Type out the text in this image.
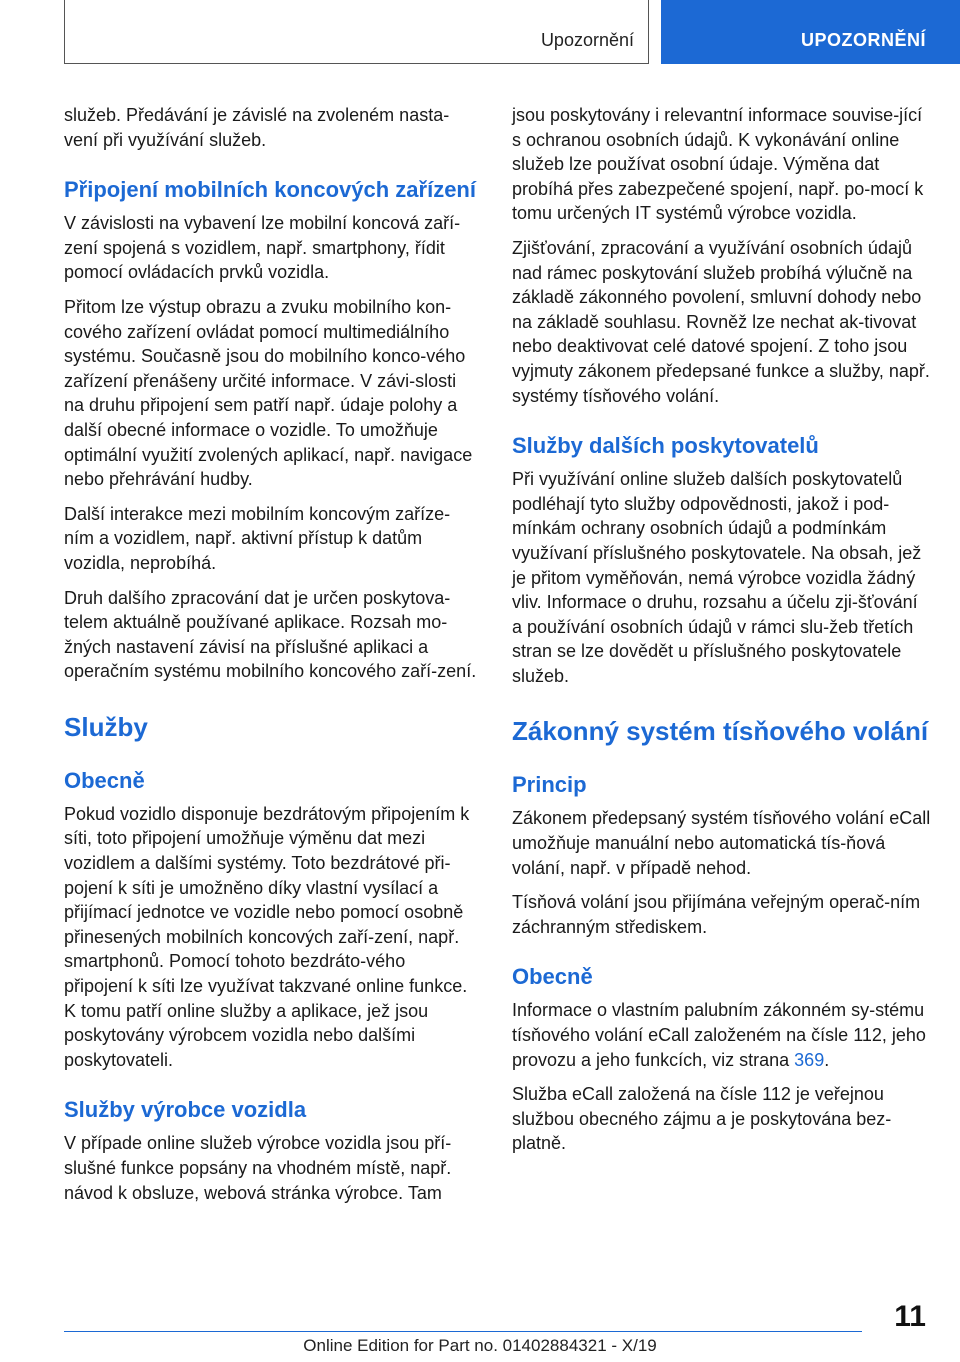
Upozornění	UPOZORNĚNÍ

služeb. Předávání je závislé na zvoleném nasta‐vení při využívání služeb.

Připojení mobilních koncových zařízení

V závislosti na vybavení lze mobilní koncová zaří‐zení spojená s vozidlem, např. smartphony, řídit pomocí ovládacích prvků vozidla.

Přitom lze výstup obrazu a zvuku mobilního kon‐cového zařízení ovládat pomocí multimediálního systému. Současně jsou do mobilního konco‐vého zařízení přenášeny určité informace. V závi‐slosti na druhu připojení sem patří např. údaje polohy a další obecné informace o vozidle. To umožňuje optimální využití zvolených aplikací, např. navigace nebo přehrávání hudby.

Další interakce mezi mobilním koncovým zaříze‐ním a vozidlem, např. aktivní přístup k datům vozidla, neprobíhá.

Druh dalšího zpracování dat je určen poskytova‐telem aktuálně používané aplikace. Rozsah mo‐žných nastavení závisí na příslušné aplikaci a operačním systému mobilního koncového zaří‐zení.

Služby
Obecně

Pokud vozidlo disponuje bezdrátovým připojením k síti, toto připojení umožňuje výměnu dat mezi vozidlem a dalšími systémy. Toto bezdrátové při‐pojení k síti je umožněno díky vlastní vysílací a přijímací jednotce ve vozidle nebo pomocí osobně přinesených mobilních koncových zaří‐zení, např. smartphonů. Pomocí tohoto bezdráto‐vého připojení k síti lze využívat takzvané online funkce. K tomu patří online služby a aplikace, jež jsou poskytovány výrobcem vozidla nebo dalšími poskytovateli.

Služby výrobce vozidla

V případe online služeb výrobce vozidla jsou pří‐slušné funkce popsány na vhodném místě, např. návod k obsluze, webová stránka výrobce. Tam

jsou poskytovány i relevantní informace souvise‐jící s ochranou osobních údajů. K vykonávání online služeb lze používat osobní údaje. Výměna dat probíhá přes zabezpečené spojení, např. po‐mocí k tomu určených IT systémů výrobce vozidla.

Zjišťování, zpracování a využívání osobních údajů nad rámec poskytování služeb probíhá výlučně na základě zákonného povolení, smluvní dohody nebo na základě souhlasu. Rovněž lze nechat ak‐tivovat nebo deaktivovat celé datové spojení. Z toho jsou vyjmuty zákonem předepsané funkce a služby, např. systémy tísňového volání.

Služby dalších poskytovatelů

Při využívání online služeb dalších poskytovatelů podléhají tyto služby odpovědnosti, jakož i pod‐mínkám ochrany osobních údajů a podmínkám využívaní příslušného poskytovatele. Na obsah, jež je přitom vyměňován, nemá výrobce vozidla žádný vliv. Informace o druhu, rozsahu a účelu zji‐šťování a používání osobních údajů v rámci slu‐žeb třetích stran se lze dovědět u příslušného poskytovatele služeb.

Zákonný systém tísňového volání
Princip

Zákonem předepsaný systém tísňového volání eCall umožňuje manuální nebo automatická tís‐ňová volání, např. v případě nehod.

Tísňová volání jsou přijímána veřejným operač‐ním záchranným střediskem.

Obecně

Informace o vlastním palubním zákonném sy‐stému tísňového volání eCall založeném na čísle 112, jeho provozu a jeho funkcích, viz strana 369.

Služba eCall založená na čísle 112 je veřejnou službou obecného zájmu a je poskytována bez‐platně.

11
Online Edition for Part no. 01402884321 - X/19
